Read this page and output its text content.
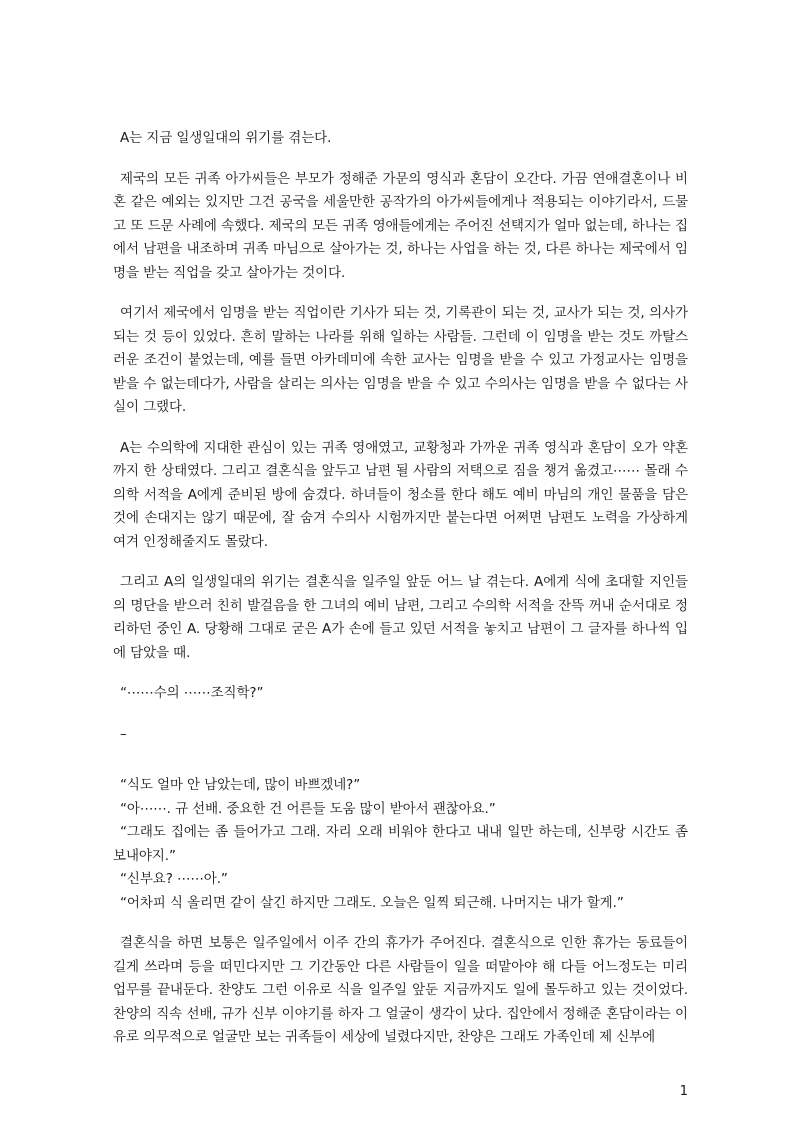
A는 지금 일생일대의 위기를 겪는다.

제국의 모든 귀족 아가씨들은 부모가 정해준 가문의 영식과 혼담이 오간다. 가끔 연애결혼이나 비혼 같은 예외는 있지만 그건 공국을 세울만한 공작가의 아가씨들에게나 적용되는 이야기라서, 드물고 또 드문 사례에 속했다. 제국의 모든 귀족 영애들에게는 주어진 선택지가 얼마 없는데, 하나는 집에서 남편을 내조하며 귀족 마님으로 살아가는 것, 하나는 사업을 하는 것, 다른 하나는 제국에서 임명을 받는 직업을 갖고 살아가는 것이다.

여기서 제국에서 임명을 받는 직업이란 기사가 되는 것, 기록관이 되는 것, 교사가 되는 것, 의사가 되는 것 등이 있었다. 흔히 말하는 나라를 위해 일하는 사람들. 그런데 이 임명을 받는 것도 까탈스러운 조건이 붙었는데, 예를 들면 아카데미에 속한 교사는 임명을 받을 수 있고 가정교사는 임명을 받을 수 없는데다가, 사람을 살리는 의사는 임명을 받을 수 있고 수의사는 임명을 받을 수 없다는 사실이 그랬다.

A는 수의학에 지대한 관심이 있는 귀족 영애였고, 교황청과 가까운 귀족 영식과 혼담이 오가 약혼까지 한 상태였다. 그리고 결혼식을 앞두고 남편 될 사람의 저택으로 짐을 챙겨 옮겼고⋯⋯ 몰래 수의학 서적을 A에게 준비된 방에 숨겼다. 하녀들이 청소를 한다 해도 예비 마님의 개인 물품을 담은 것에 손대지는 않기 때문에, 잘 숨겨 수의사 시험까지만 붙는다면 어쩌면 남편도 노력을 가상하게 여겨 인정해줄지도 몰랐다.

그리고 A의 일생일대의 위기는 결혼식을 일주일 앞둔 어느 날 겪는다. A에게 식에 초대할 지인들의 명단을 받으러 친히 발걸음을 한 그녀의 예비 남편, 그리고 수의학 서적을 잔뜩 꺼내 순서대로 정리하던 중인 A. 당황해 그대로 굳은 A가 손에 들고 있던 서적을 놓치고 남편이 그 글자를 하나씩 입에 담았을 때.

“⋯⋯수의 ⋯⋯조직학?”

–

“식도 얼마 안 남았는데, 많이 바쁘겠네?”

“아⋯⋯. 규 선배. 중요한 건 어른들 도움 많이 받아서 괜찮아요.”

“그래도 집에는 좀 들어가고 그래. 자리 오래 비워야 한다고 내내 일만 하는데, 신부랑 시간도 좀 보내야지.”

“신부요? ⋯⋯아.”

“어차피 식 올리면 같이 살긴 하지만 그래도. 오늘은 일찍 퇴근해. 나머지는 내가 할게.”

결혼식을 하면 보통은 일주일에서 이주 간의 휴가가 주어진다. 결혼식으로 인한 휴가는 동료들이 길게 쓰라며 등을 떠민다지만 그 기간동안 다른 사람들이 일을 떠맡아야 해 다들 어느정도는 미리 업무를 끝내둔다. 찬양도 그런 이유로 식을 일주일 앞둔 지금까지도 일에 몰두하고 있는 것이었다. 찬양의 직속 선배, 규가 신부 이야기를 하자 그 얼굴이 생각이 났다. 집안에서 정해준 혼담이라는 이유로 의무적으로 얼굴만 보는 귀족들이 세상에 널렸다지만, 찬양은 그래도 가족인데 제 신부에

1
